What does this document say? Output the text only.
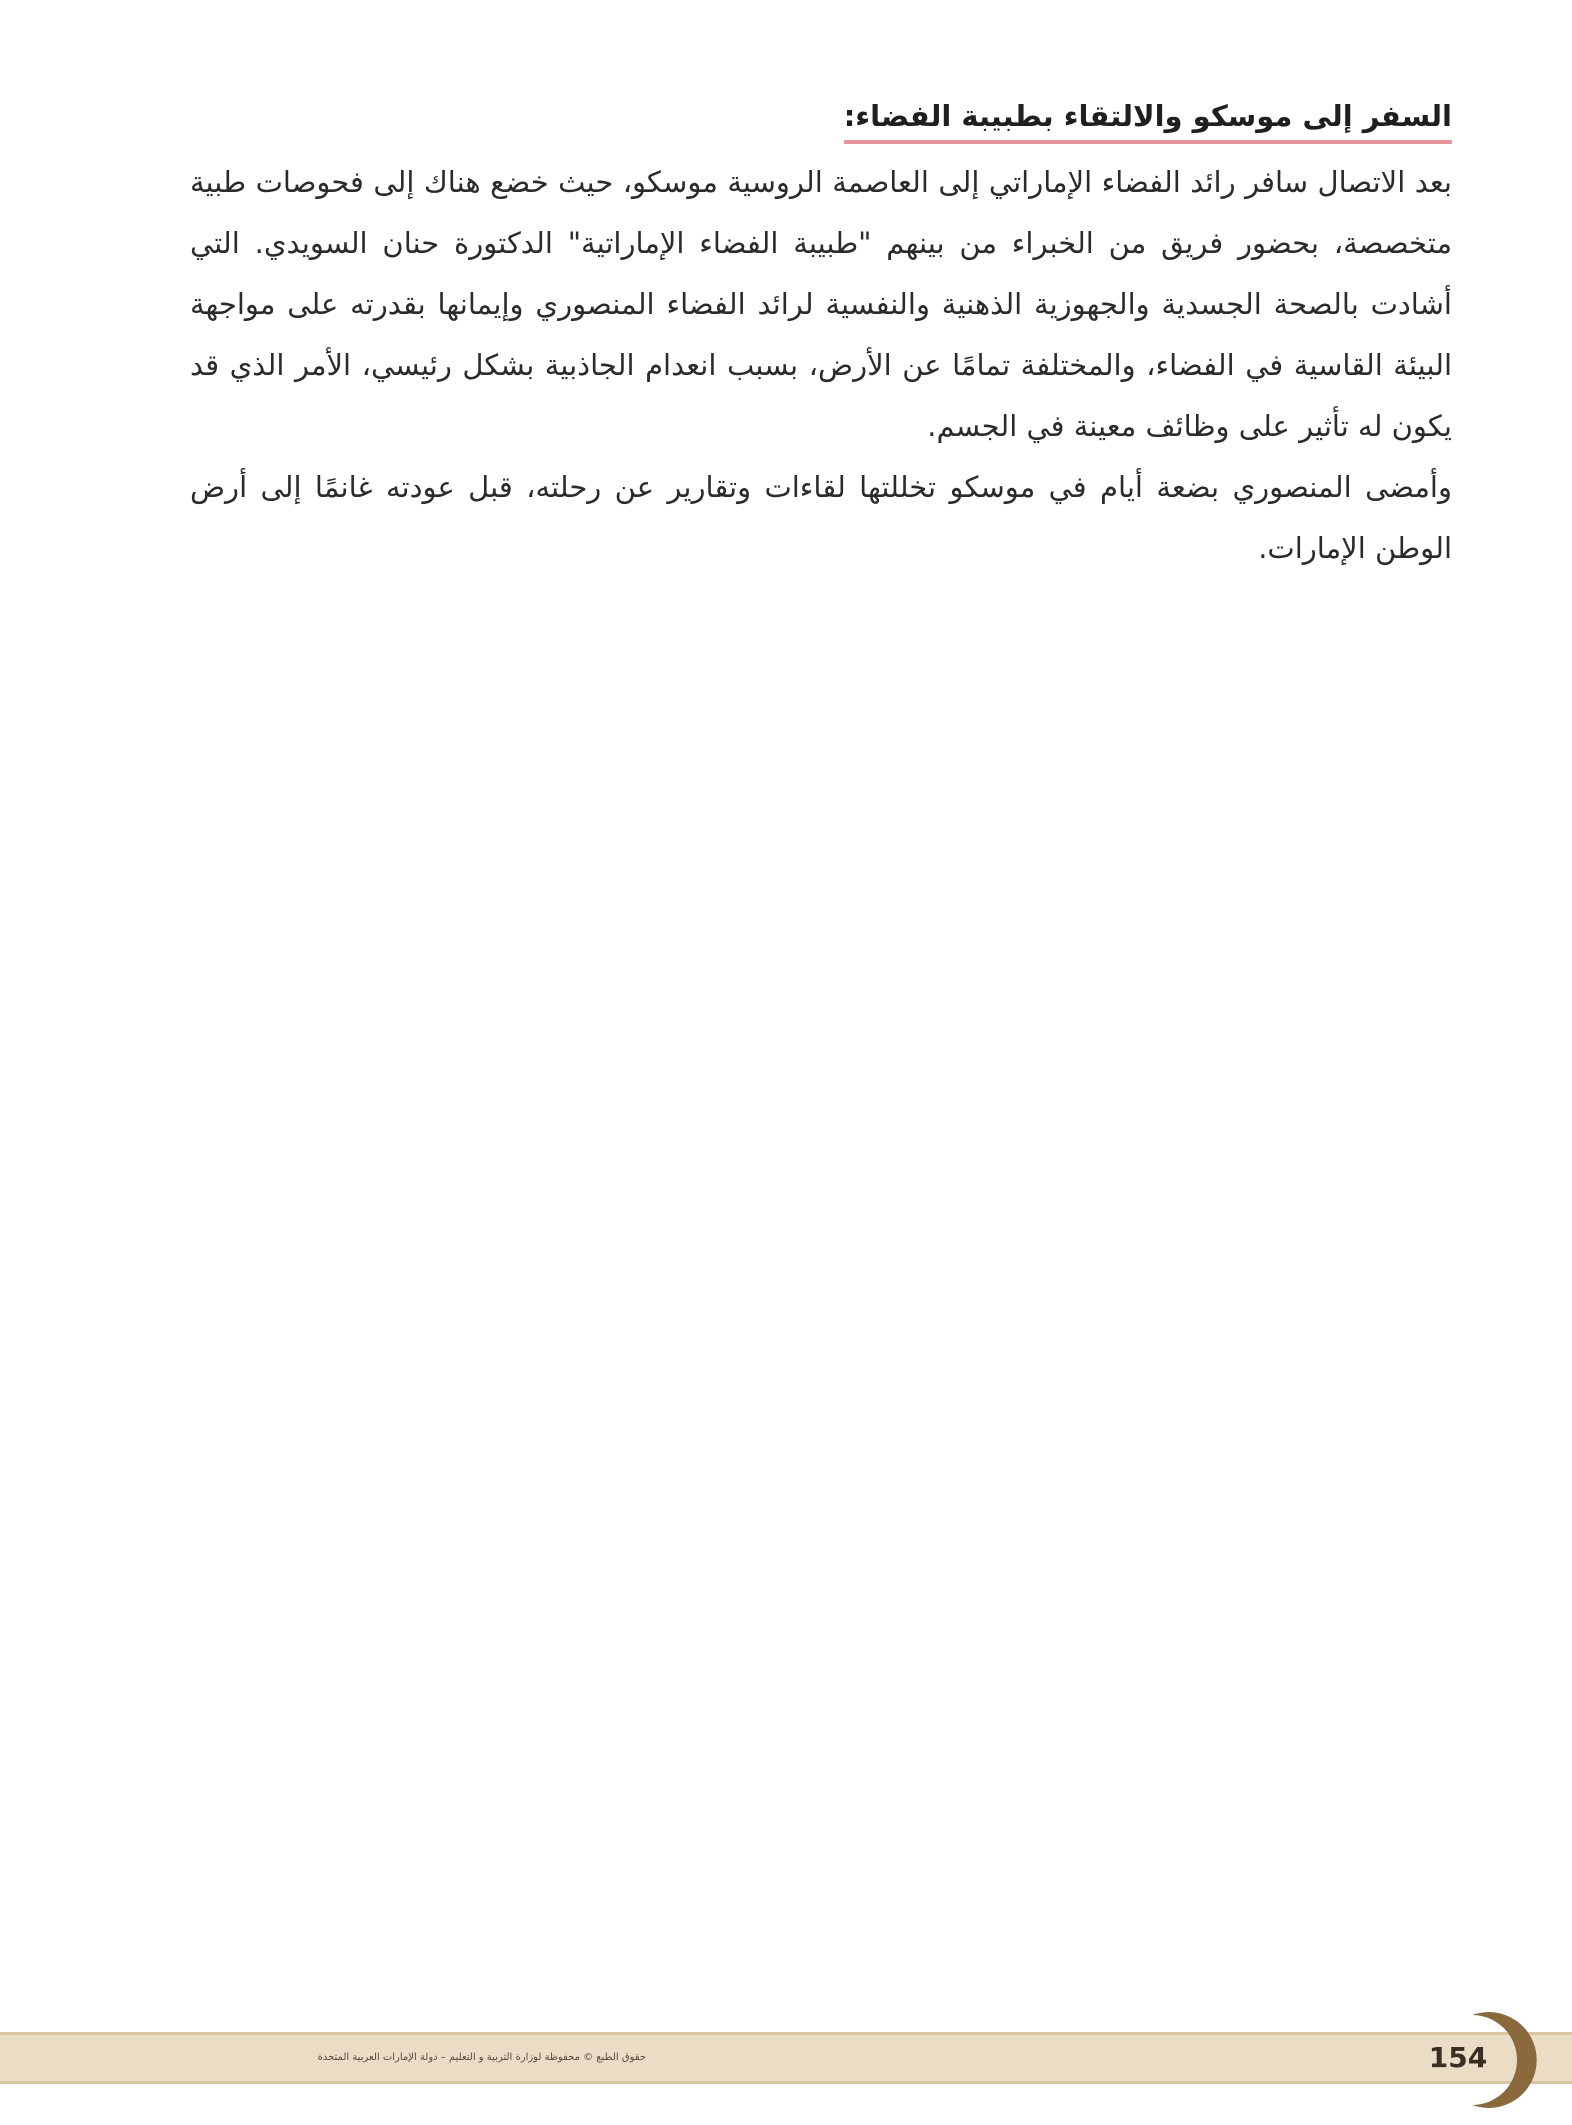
السفر إلى موسكو والالتقاء بطبيبة الفضاء:

بعد الاتصال سافر رائد الفضاء الإماراتي إلى العاصمة الروسية موسكو، حيث خضع هناك إلى فحوصات طبية متخصصة، بحضور فريق من الخبراء من بينهم "طبيبة الفضاء الإماراتية" الدكتورة حنان السويدي. التي أشادت بالصحة الجسدية والجهوزية الذهنية والنفسية لرائد الفضاء المنصوري وإيمانها بقدرته على مواجهة البيئة القاسية في الفضاء، والمختلفة تمامًا عن الأرض، بسبب انعدام الجاذبية بشكل رئيسي، الأمر الذي قد يكون له تأثير على وظائف معينة في الجسم.

وأمضى المنصوري بضعة أيام في موسكو تخللتها لقاءات وتقارير عن رحلته، قبل عودته غانمًا إلى أرض الوطن الإمارات.

حقوق الطبع © محفوظة لوزارة التربية و التعليم – دولة الإمارات العربية المتحدة	154
